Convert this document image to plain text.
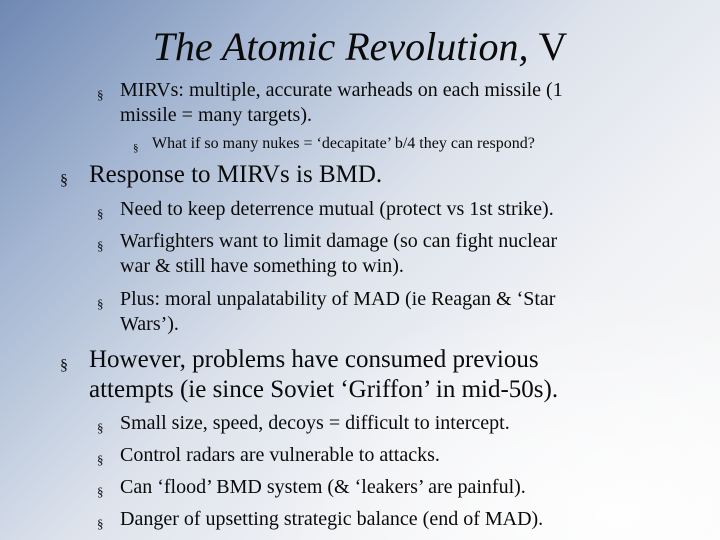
The Atomic Revolution, V
§ MIRVs: multiple, accurate warheads on each missile (1
missile = many targets).
§ What if so many nukes = ‘decapitate’ b/4 they can respond?
§ Response to MIRVs is BMD.
§ Need to keep deterrence mutual (protect vs 1st strike).
§ Warfighters want to limit damage (so can fight nuclear
war & still have something to win).
§ Plus: moral unpalatability of MAD (ie Reagan & ‘Star
Wars’).
§ However, problems have consumed previous
attempts (ie since Soviet ‘Griffon’ in mid-50s).
§ Small size, speed, decoys = difficult to intercept.
§ Control radars are vulnerable to attacks.
§ Can ‘flood’ BMD system (& ‘leakers’ are painful).
§ Danger of upsetting strategic balance (end of MAD).
